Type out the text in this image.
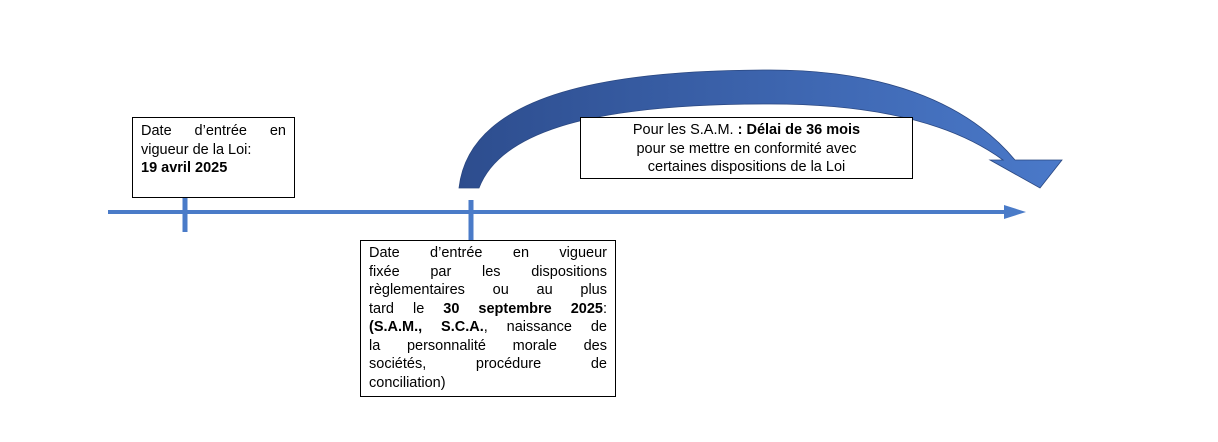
Date d’entrée en
vigueur de la Loi:
19 avril 2025
Pour les S.A.M. : Délai de 36 mois
pour se mettre en conformité avec
certaines dispositions de la Loi
Date d’entrée en vigueur
fixée par les dispositions
règlementaires ou au plus
tard le 30 septembre 2025:
(S.A.M., S.C.A., naissance de
la personnalité morale des
sociétés, procédure de
conciliation)
